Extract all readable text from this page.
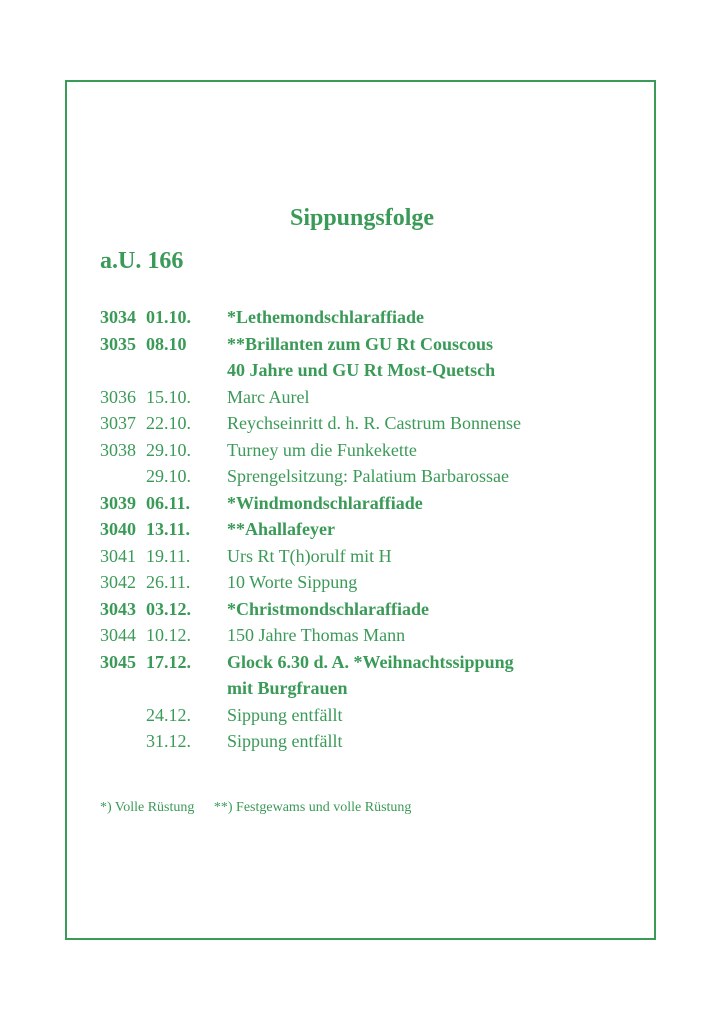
Sippungsfolge
a.U. 166
3034 01.10.	*Lethemondschlaraffiade
3035 08.10	**Brillanten zum GU Rt Couscous
40 Jahre und GU Rt Most-Quetsch
3036 15.10.	Marc Aurel
3037 22.10.	Reychseinritt d. h. R. Castrum Bonnense
3038 29.10.	Turney um die Funkekette
29.10.	Sprengelsitzung: Palatium Barbarossae
3039 06.11.	*Windmondschlaraffiade
3040 13.11.	**Ahallafeyer
3041 19.11.	Urs Rt T(h)orulf mit H
3042 26.11.	10 Worte Sippung
3043 03.12.	*Christmondschlaraffiade
3044 10.12.	150 Jahre Thomas Mann
3045 17.12.	Glock 6.30 d. A. *Weihnachtssippung
mit Burgfrauen
24.12.	Sippung entfällt
31.12.	Sippung entfällt
*) Volle Rüstung **) Festgewams und volle Rüstung
